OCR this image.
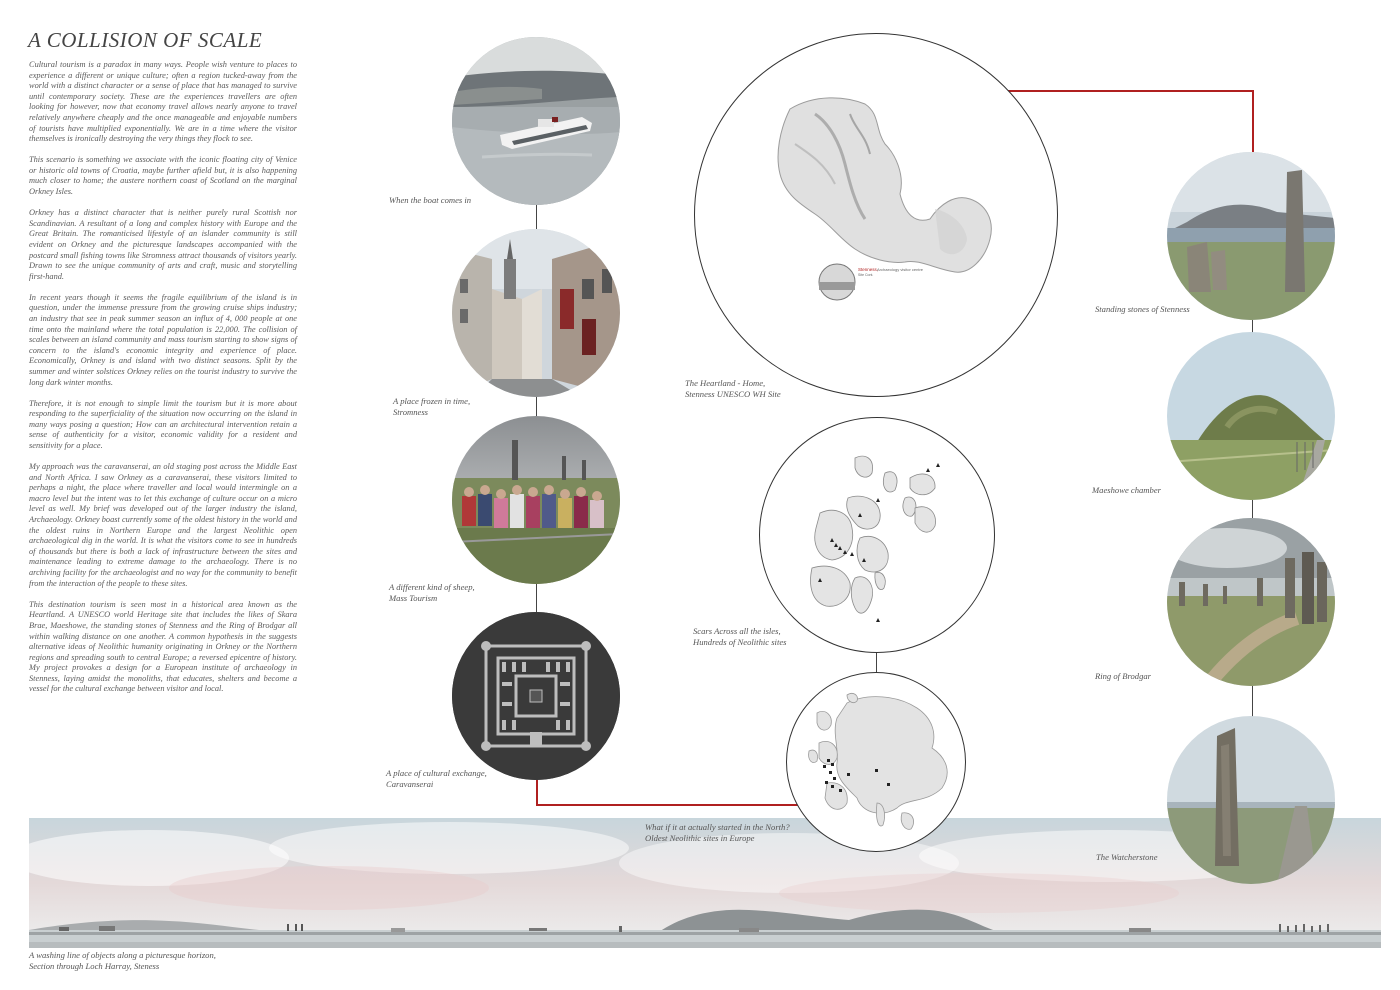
A COLLISION OF SCALE

Cultural tourism is a paradox in many ways. People wish venture to places to experience a different or unique culture; often a region tucked-away from the world with a distinct character or a sense of place that has managed to survive until contemporary society. These are the experiences travellers are often looking for however, now that economy travel allows nearly anyone to travel relatively anywhere cheaply and the once manageable and enjoyable numbers of tourists have multiplied exponentially. We are in a time where the visitor themselves is ironically destroying the very things they flock to see.

This scenario is something we associate with the iconic floating city of Venice or historic old towns of Croatia, maybe further afield but, it is also happening much closer to home; the austere northern coast of Scotland on the marginal Orkney Isles.

Orkney has a distinct character that is neither purely rural Scottish nor Scandinavian. A resultant of a long and complex history with Europe and the Great Britain. The romanticised lifestyle of an islander community is still evident on Orkney and the picturesque landscapes accompanied with the postcard small fishing towns like Stromness attract thousands of visitors yearly. Drawn to see the unique community of arts and craft, music and storytelling first-hand.

In recent years though it seems the fragile equilibrium of the island is in question, under the immense pressure from the growing cruise ships industry; an industry that see in peak summer season an influx of 4, 000 people at one time onto the mainland where the total population is 22,000. The collision of scales between an island community and mass tourism starting to show signs of concern to the island's economic integrity and experience of place. Economically, Orkney is and island with two distinct seasons. Split by the summer and winter solstices Orkney relies on the tourist industry to survive the long dark winter months.

Therefore, it is not enough to simple limit the tourism but it is more about responding to the superficiality of the situation now occurring on the island in many ways posing a question; How can an architectural intervention retain a sense of authenticity for a visitor, economic validity for a resident and sensitivity for a place.

My approach was the caravanserai, an old staging post across the Middle East and North Africa. I saw Orkney as a caravanserai, these visitors limited to perhaps a night, the place where traveller and local would intermingle on a macro level but the intent was to let this exchange of culture occur on a micro level as well. My brief was developed out of the larger industry the island, Archaeology. Orkney boast currently some of the oldest history in the world and the oldest ruins in Northern Europe and the largest Neolithic open archaeological dig in the world. It is what the visitors come to see in hundreds of thousands but there is both a lack of infrastructure between the sites and maintenance leading to extreme damage to the archaeology. There is no archiving facility for the archaeologist and no way for the community to benefit from the interaction of the people to these sites.

This destination tourism is seen most in a historical area known as the Heartland. A UNESCO world Heritage site that includes the likes of Skara Brae, Maeshowe, the standing stones of Stenness and the Ring of Brodgar all within walking distance on one another. A common hypothesis in the suggests alternative ideas of Neolithic humanity originating in Orkney or the Northern regions and spreading south to central Europe; a reversed epicentre of history. My project provokes a design for a European institute of archaeology in Stenness, laying amidst the monoliths, that educates, shelters and become a vessel for the cultural exchange between visitor and local.

Stenness,
Archaeology visitor centre
Site Cont.
When the boat comes in
A place frozen in time,
Stromness
A different kind of sheep,
Mass Tourism
A place of cultural exchange,
Caravanserai
The Heartland - Home,
Stenness UNESCO WH Site
Scars Across all the isles,
Hundreds of Neolithic sites
What if it at actually started in the North?
Oldest Neolithic sites in Europe
Standing stones of Stenness
Maeshowe chamber
Ring of Brodgar
The Watcherstone
A washing line of objects along a picturesque horizon,
Section through Loch Harray, Steness
